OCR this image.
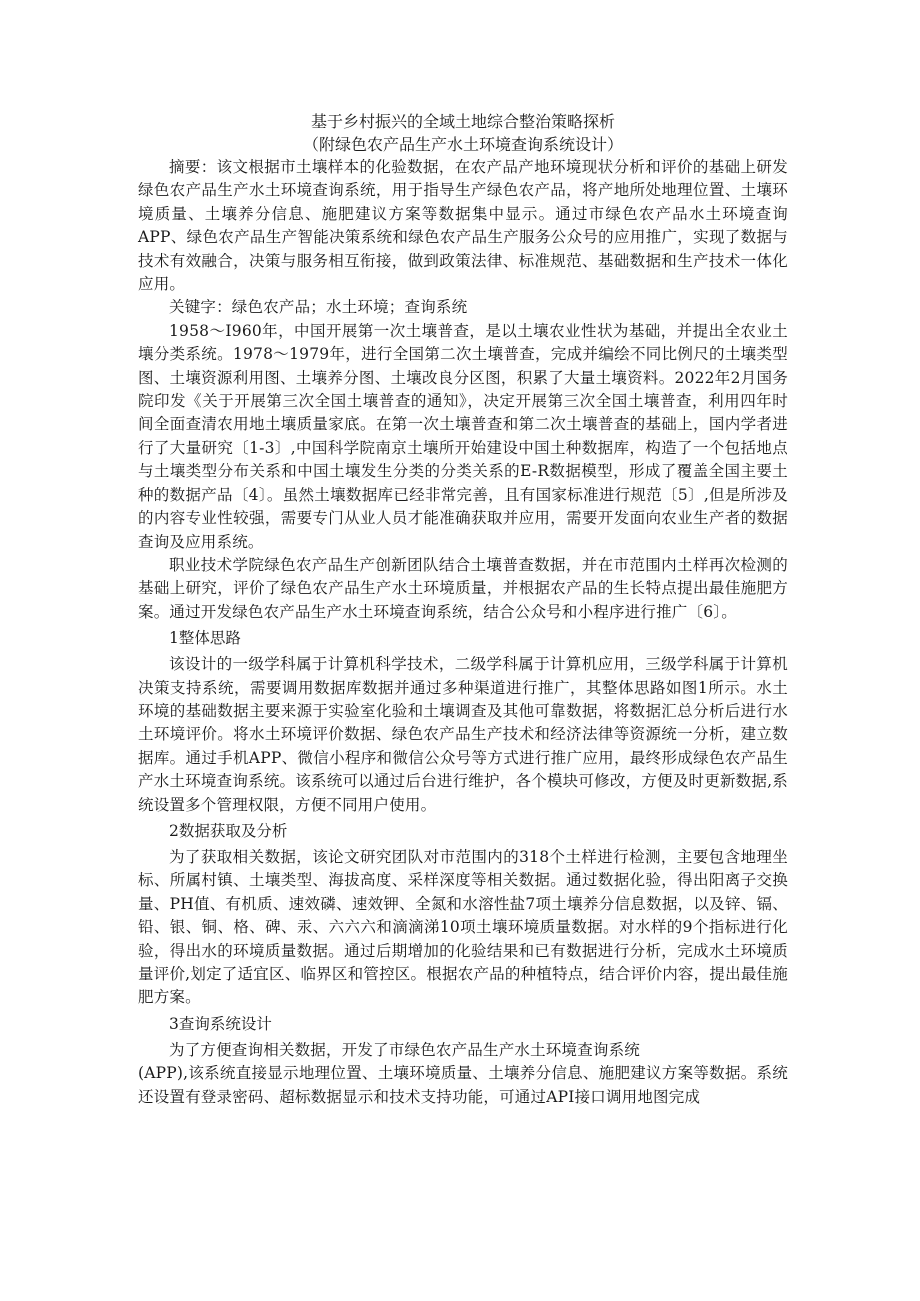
基于乡村振兴的全域土地综合整治策略探析
（附绿色农产品生产水土环境查询系统设计）

摘要：该文根据市土壤样本的化验数据，在农产品产地环境现状分析和评价的基础上研发绿色农产品生产水土环境查询系统，用于指导生产绿色农产品，将产地所处地理位置、土壤环境质量、土壤养分信息、施肥建议方案等数据集中显示。通过市绿色农产品水土环境查询APP、绿色农产品生产智能决策系统和绿色农产品生产服务公众号的应用推广，实现了数据与技术有效融合，决策与服务相互衔接，做到政策法律、标准规范、基础数据和生产技术一体化应用。

关键字：绿色农产品；水土环境；查询系统

1958～I960年，中国开展第一次土壤普查，是以土壤农业性状为基础，并提出全农业土壤分类系统。1978～1979年，进行全国第二次土壤普查，完成并编绘不同比例尺的土壤类型图、土壤资源利用图、土壤养分图、土壤改良分区图，积累了大量土壤资料。2022年2月国务院印发《关于开展第三次全国土壤普查的通知》，决定开展第三次全国土壤普查，利用四年时间全面查清农用地土壤质量家底。在第一次土壤普查和第二次土壤普查的基础上，国内学者进行了大量研究〔1-3〕,中国科学院南京土壤所开始建设中国土种数据库，构造了一个包括地点与土壤类型分布关系和中国土壤发生分类的分类关系的E-R数据模型，形成了覆盖全国主要土种的数据产品〔4〕。虽然土壤数据库已经非常完善，且有国家标准进行规范〔5〕,但是所涉及的内容专业性较强，需要专门从业人员才能准确获取并应用，需要开发面向农业生产者的数据查询及应用系统。

职业技术学院绿色农产品生产创新团队结合土壤普查数据，并在市范围内土样再次检测的基础上研究，评价了绿色农产品生产水土环境质量，并根据农产品的生长特点提出最佳施肥方案。通过开发绿色农产品生产水土环境查询系统，结合公众号和小程序进行推广〔6〕。

1整体思路

该设计的一级学科属于计算机科学技术，二级学科属于计算机应用，三级学科属于计算机决策支持系统，需要调用数据库数据并通过多种渠道进行推广，其整体思路如图1所示。水土环境的基础数据主要来源于实验室化验和土壤调查及其他可靠数据，将数据汇总分析后进行水土环境评价。将水土环境评价数据、绿色农产品生产技术和经济法律等资源统一分析，建立数据库。通过手机APP、微信小程序和微信公众号等方式进行推广应用，最终形成绿色农产品生产水土环境查询系统。该系统可以通过后台进行维护，各个模块可修改，方便及时更新数据,系统设置多个管理权限，方便不同用户使用。

2数据获取及分析

为了获取相关数据，该论文研究团队对市范围内的318个土样进行检测，主要包含地理坐标、所属村镇、土壤类型、海拔高度、采样深度等相关数据。通过数据化验，得出阳离子交换量、PH值、有机质、速效磷、速效钾、全氮和水溶性盐7项土壤养分信息数据，以及锌、镉、铅、银、铜、格、碑、汞、六六六和滴滴涕10项土壤环境质量数据。对水样的9个指标进行化验，得出水的环境质量数据。通过后期增加的化验结果和已有数据进行分析，完成水土环境质量评价,划定了适宜区、临界区和管控区。根据农产品的种植特点，结合评价内容，提出最佳施肥方案。

3查询系统设计

为了方便查询相关数据，开发了市绿色农产品生产水土环境查询系统

(APP),该系统直接显示地理位置、土壤环境质量、土壤养分信息、施肥建议方案等数据。系统还设置有登录密码、超标数据显示和技术支持功能，可通过API接口调用地图完成
